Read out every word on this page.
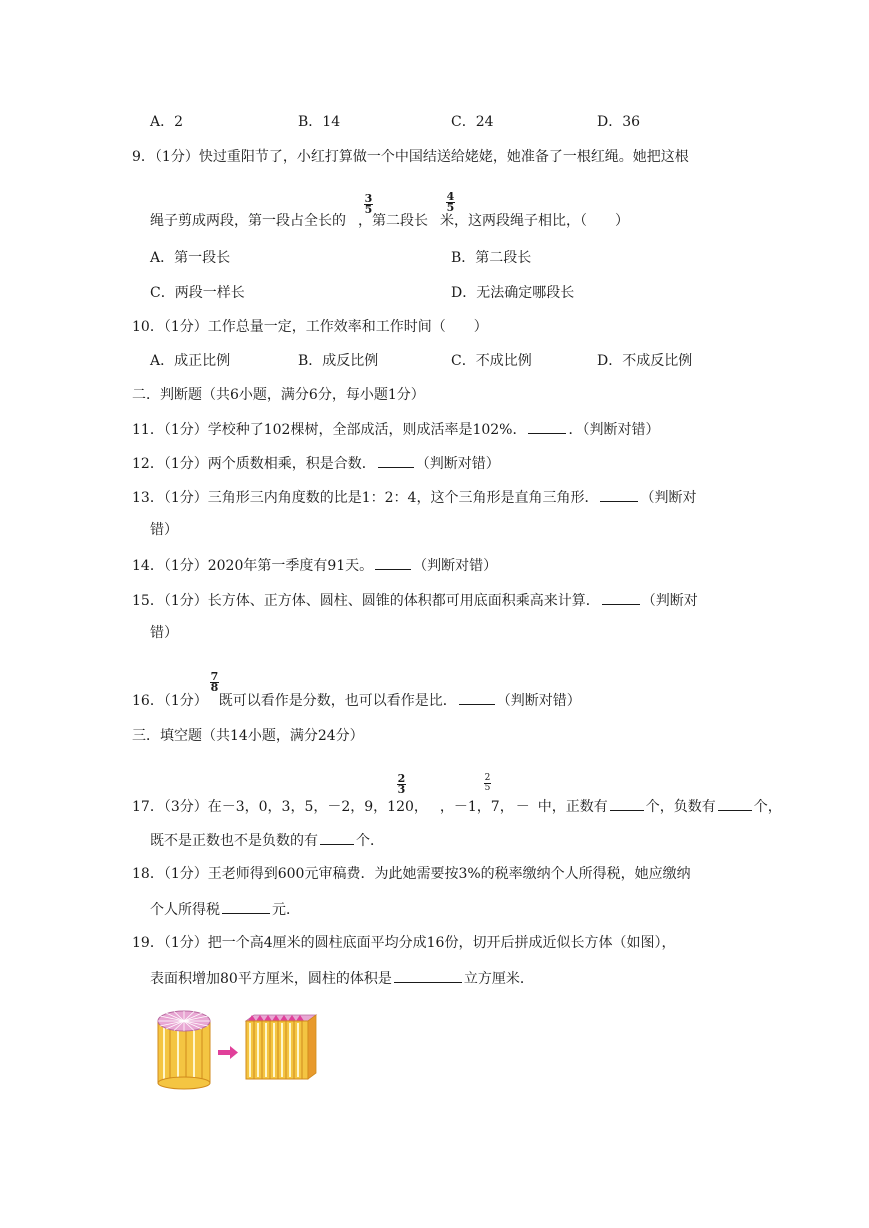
A．2	B．14	C．24	D．36
9．（1分）快过重阳节了，小红打算做一个中国结送给姥姥，她准备了一根红绳。她把这根
绳子剪成两段，第一段占全长的 ，第二段长 米，这两段绳子相比，（　　）
3
5
4
5
A．第一段长	B．第二段长
C．两段一样长	D．无法确定哪段长
10．（1分）工作总量一定，工作效率和工作时间（　　）
A．成正比例	B．成反比例	C．不成比例	D．不成反比例
二．判断题（共6小题，满分6分，每小题1分）
11．（1分）学校种了102棵树，全部成活，则成活率是102%．	．（判断对错）
12．（1分）两个质数相乘，积是合数．	（判断对错）
13．（1分）三角形三内角度数的比是1：2：4，这个三角形是直角三角形．	（判断对
错）
14．（1分）2020年第一季度有91天。	（判断对错）
15．（1分）长方体、正方体、圆柱、圆锥的体积都可用底面积乘高来计算．	（判断对
错）
16．（1分） 既可以看作是分数，也可以看作是比．	（判断对错）
7
8
三．填空题（共14小题，满分24分）
17．（3分）在－3，0，3，5，－2，9，120， ，－1，7， － 中，正数有	个，负数有	个，
2
3
2
5
既不是正数也不是负数的有	个．
18．（1分）王老师得到600元审稿费．为此她需要按3%的税率缴纳个人所得税，她应缴纳
个人所得税	元．
19．（1分）把一个高4厘米的圆柱底面平均分成16份，切开后拼成近似长方体（如图），
表面积增加80平方厘米，圆柱的体积是	立方厘米．
